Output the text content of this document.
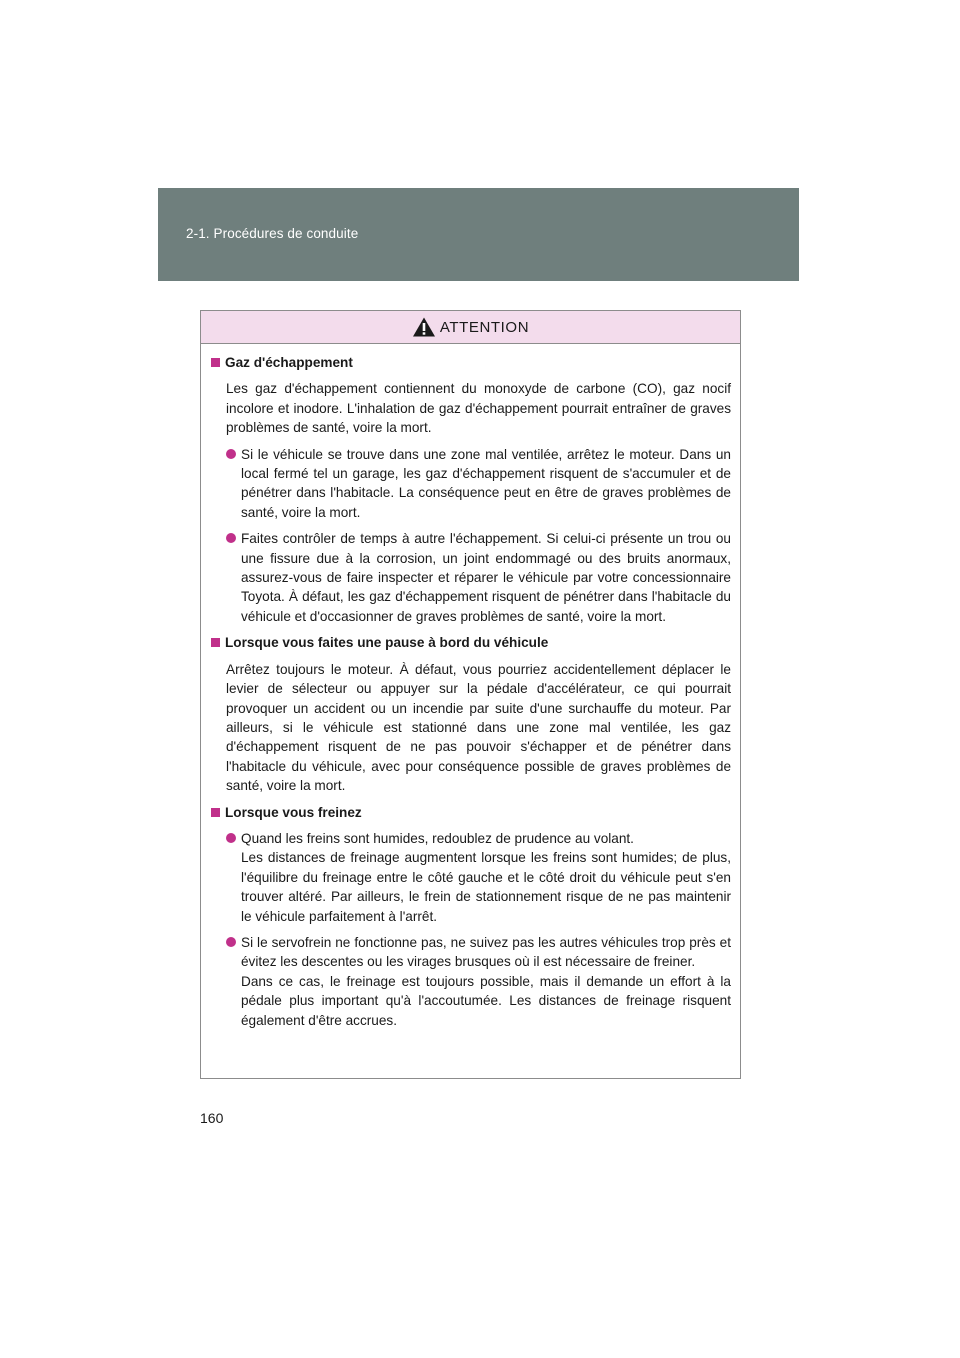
2-1. Procédures de conduite
ATTENTION
Gaz d'échappement
Les gaz d'échappement contiennent du monoxyde de carbone (CO), gaz nocif incolore et inodore. L'inhalation de gaz d'échappement pourrait entraîner de graves problèmes de santé, voire la mort.

Si le véhicule se trouve dans une zone mal ventilée, arrêtez le moteur. Dans un local fermé tel un garage, les gaz d'échappement risquent de s'accumuler et de pénétrer dans l'habitacle. La conséquence peut en être de graves problèmes de santé, voire la mort.

Faites contrôler de temps à autre l'échappement. Si celui-ci présente un trou ou une fissure due à la corrosion, un joint endommagé ou des bruits anormaux, assurez-vous de faire inspecter et réparer le véhicule par votre concessionnaire Toyota. À défaut, les gaz d'échappement risquent de pénétrer dans l'habitacle du véhicule et d'occasionner de graves problèmes de santé, voire la mort.

Lorsque vous faites une pause à bord du véhicule
Arrêtez toujours le moteur. À défaut, vous pourriez accidentellement déplacer le levier de sélecteur ou appuyer sur la pédale d'accélérateur, ce qui pourrait provoquer un accident ou un incendie par suite d'une surchauffe du moteur. Par ailleurs, si le véhicule est stationné dans une zone mal ventilée, les gaz d'échappement risquent de ne pas pouvoir s'échapper et de pénétrer dans l'habitacle du véhicule, avec pour conséquence possible de graves problèmes de santé, voire la mort.
Lorsque vous freinez

Quand les freins sont humides, redoublez de prudence au volant.

Les distances de freinage augmentent lorsque les freins sont humides; de plus, l'équilibre du freinage entre le côté gauche et le côté droit du véhicule peut s'en trouver altéré. Par ailleurs, le frein de stationnement risque de ne pas maintenir le véhicule parfaitement à l'arrêt.

Si le servofrein ne fonctionne pas, ne suivez pas les autres véhicules trop près et évitez les descentes ou les virages brusques où il est nécessaire de freiner.

Dans ce cas, le freinage est toujours possible, mais il demande un effort à la pédale plus important qu'à l'accoutumée. Les distances de freinage risquent également d'être accrues.

160
